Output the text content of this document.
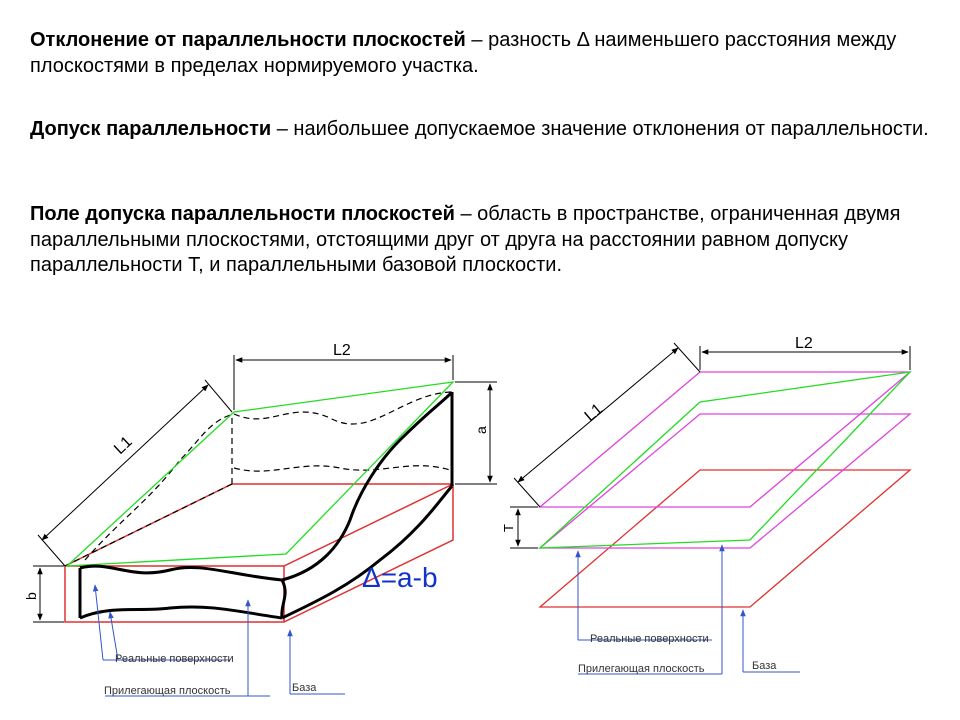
Отклонение от параллельности плоскостей – разность Δ наименьшего расстояния между плоскостями в пределах нормируемого участка.
Допуск параллельности – наибольшее допускаемое значение отклонения от параллельности.
Поле допуска параллельности плоскостей – область в пространстве, ограниченная двумя параллельными плоскостями, отстоящими друг от друга на расстоянии равном допуску параллельности Т, и параллельными базовой плоскости.
L1
L2
a
b
Δ=a-b
Реальные поверхности
Прилегающая плоскость	База
L1
L2
T
Реальные поверхности
Прилегающая плоскость	База
